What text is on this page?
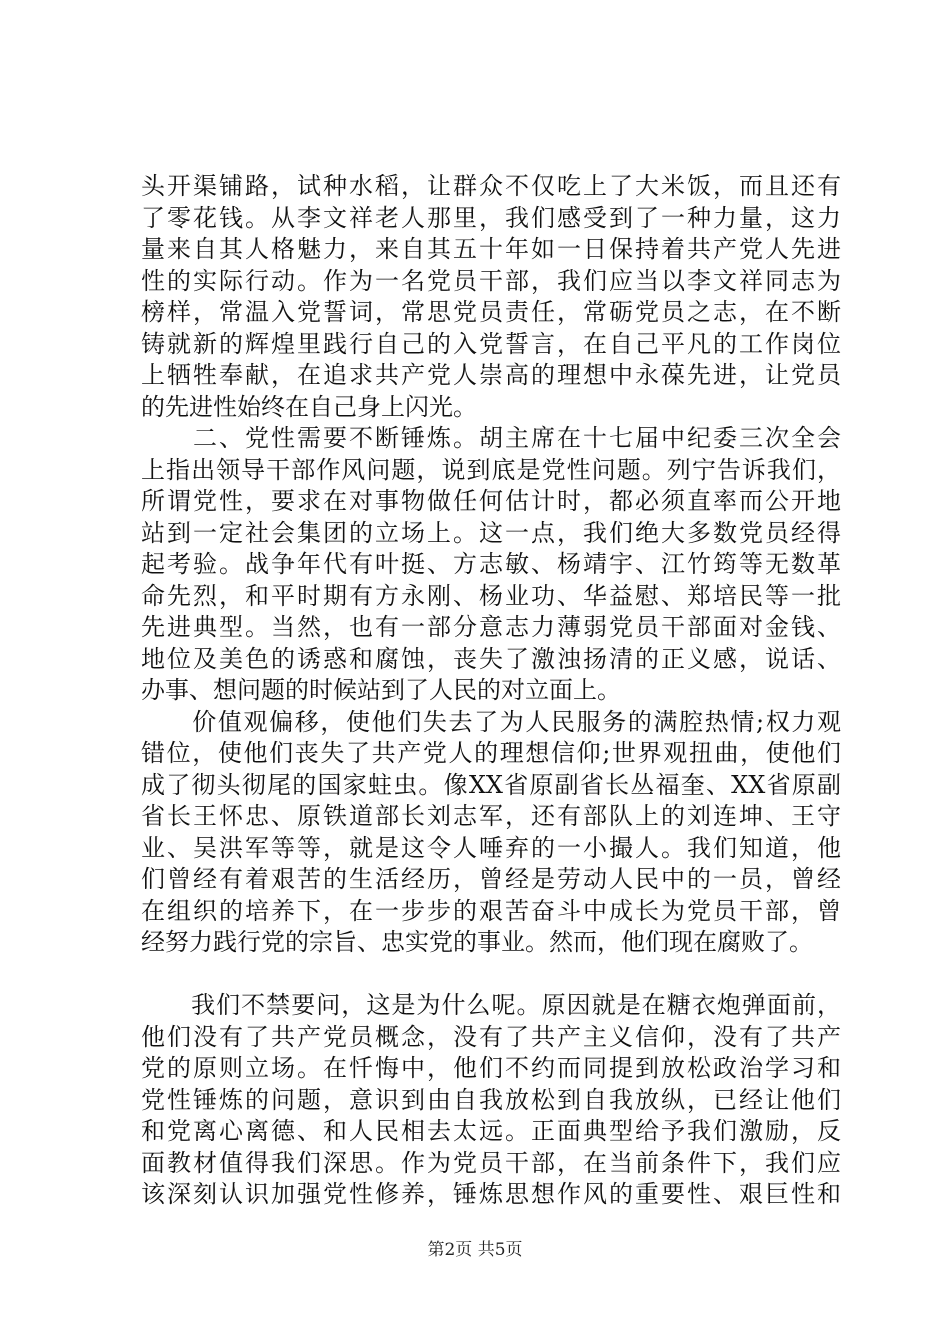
头开渠铺路，试种水稻，让群众不仅吃上了大米饭，而且还有
了零花钱。从李文祥老人那里，我们感受到了一种力量，这力
量来自其人格魅力，来自其五十年如一日保持着共产党人先进
性的实际行动。作为一名党员干部，我们应当以李文祥同志为
榜样，常温入党誓词，常思党员责任，常砺党员之志，在不断
铸就新的辉煌里践行自己的入党誓言，在自己平凡的工作岗位
上牺牲奉献，在追求共产党人崇高的理想中永葆先进，让党员
的先进性始终在自己身上闪光。
　　二、党性需要不断锤炼。胡主席在十七届中纪委三次全会
上指出领导干部作风问题，说到底是党性问题。列宁告诉我们，
所谓党性，要求在对事物做任何估计时，都必须直率而公开地
站到一定社会集团的立场上。这一点，我们绝大多数党员经得
起考验。战争年代有叶挺、方志敏、杨靖宇、江竹筠等无数革
命先烈，和平时期有方永刚、杨业功、华益慰、郑培民等一批
先进典型。当然，也有一部分意志力薄弱党员干部面对金钱、
地位及美色的诱惑和腐蚀，丧失了激浊扬清的正义感，说话、
办事、想问题的时候站到了人民的对立面上。
　　价值观偏移，使他们失去了为人民服务的满腔热情;权力观
错位，使他们丧失了共产党人的理想信仰;世界观扭曲，使他们
成了彻头彻尾的国家蛀虫。像XX省原副省长丛福奎、XX省原副
省长王怀忠、原铁道部长刘志军，还有部队上的刘连坤、王守
业、吴洪军等等，就是这令人唾弃的一小撮人。我们知道，他
们曾经有着艰苦的生活经历，曾经是劳动人民中的一员，曾经
在组织的培养下，在一步步的艰苦奋斗中成长为党员干部，曾
经努力践行党的宗旨、忠实党的事业。然而，他们现在腐败了。
　　我们不禁要问，这是为什么呢。原因就是在糖衣炮弹面前，
他们没有了共产党员概念，没有了共产主义信仰，没有了共产
党的原则立场。在忏悔中，他们不约而同提到放松政治学习和
党性锤炼的问题，意识到由自我放松到自我放纵，已经让他们
和党离心离德、和人民相去太远。正面典型给予我们激励，反
面教材值得我们深思。作为党员干部，在当前条件下，我们应
该深刻认识加强党性修养，锤炼思想作风的重要性、艰巨性和
第2页 共5页
